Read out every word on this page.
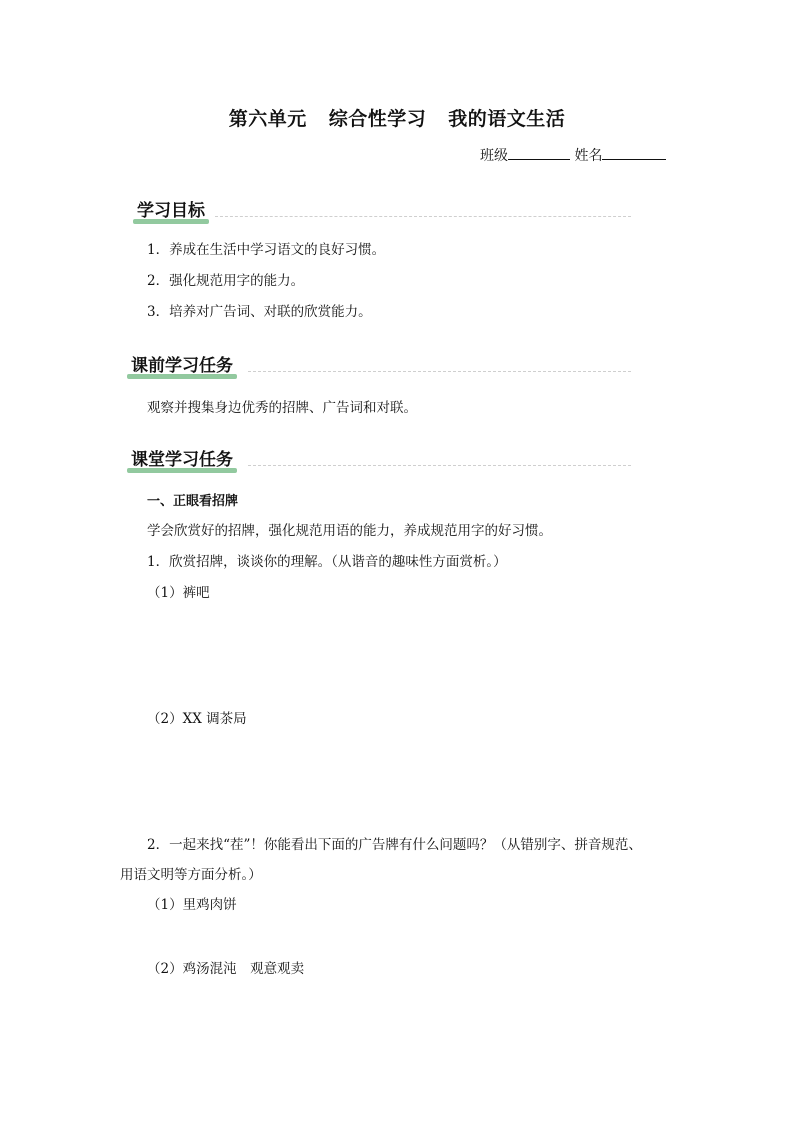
第六单元 综合性学习 我的语文生活
班级	姓名
学习目标
1．养成在生活中学习语文的良好习惯。
2．强化规范用字的能力。
3．培养对广告词、对联的欣赏能力。
课前学习任务
观察并搜集身边优秀的招牌、广告词和对联。
课堂学习任务
一、正眼看招牌
学会欣赏好的招牌，强化规范用语的能力，养成规范用字的好习惯。
1．欣赏招牌，谈谈你的理解。（从谐音的趣味性方面赏析。）
（1）裤吧
（2）XX 调茶局
2．一起来找“茬”！你能看出下面的广告牌有什么问题吗？（从错别字、拼音规范、
用语文明等方面分析。）
（1）里鸡肉饼
（2）鸡汤混沌　观意观卖
